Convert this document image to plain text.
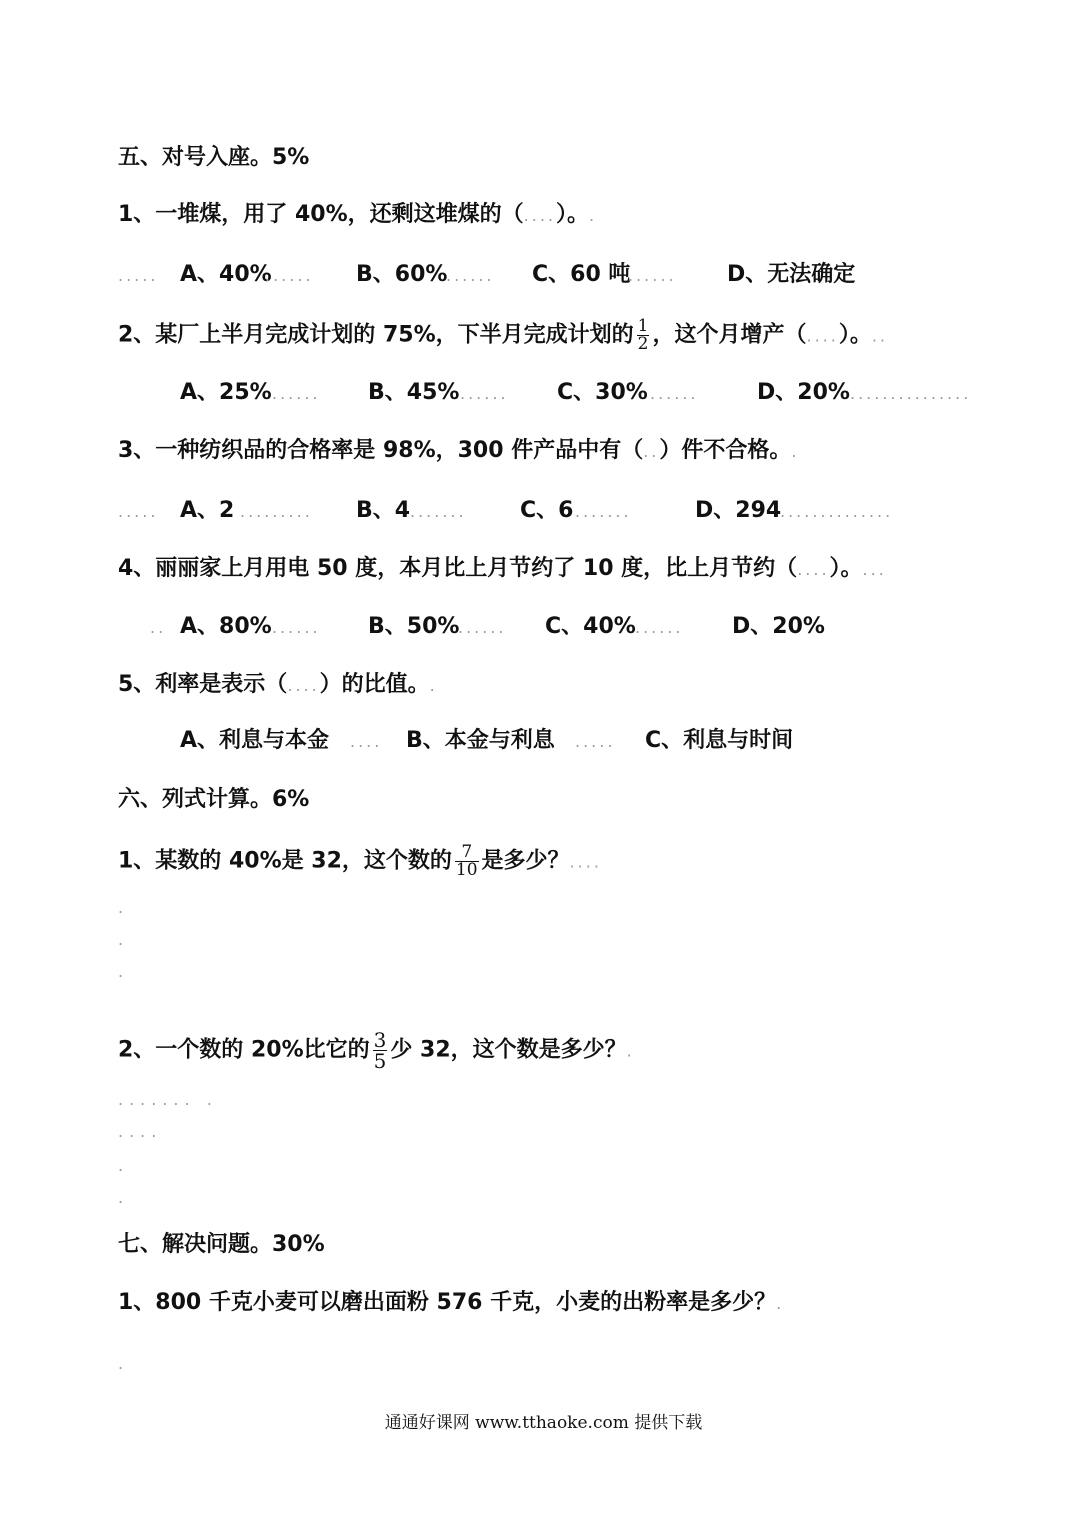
五、对号入座。5%
1、一堆煤，用了 40%，还剩这堆煤的（....）。.
..... A、40%	B、60%	C、60 吨	D、无法确定
......	......	......
2、某厂上半月完成计划的 75%，下半月完成计划的 $\frac{1}{2}$ ，这个月增产（....）。..
A、25%	B、45%	C、30%	D、20%
......	......	......	...............
3、一种纺织品的合格率是 98%，300 件产品中有（..）件不合格。.
..... A、2	B、4	C、6	D、294
.........	.......	.......	..............
4、丽丽家上月用电 50 度，本月比上月节约了 10 度，比上月节约（....）。...
.. A、80%	B、50%	C、40%	D、20%
......	......	......
5、利率是表示（....）的比值。.
A、利息与本金	B、本金与利息	C、利息与时间
....	.....
六、列式计算。6%
1、某数的 40%是 32，这个数的 $\frac{7}{10}$ 是多少？....
.
.
.
2、一个数的 20%比它的 $\frac{3}{5}$ 少 32，这个数是多少？.
....... .
....
.
.
七、解决问题。30%
1、800 千克小麦可以磨出面粉 576 千克，小麦的出粉率是多少？.
.
通通好课网 www.tthaoke.com 提供下载
